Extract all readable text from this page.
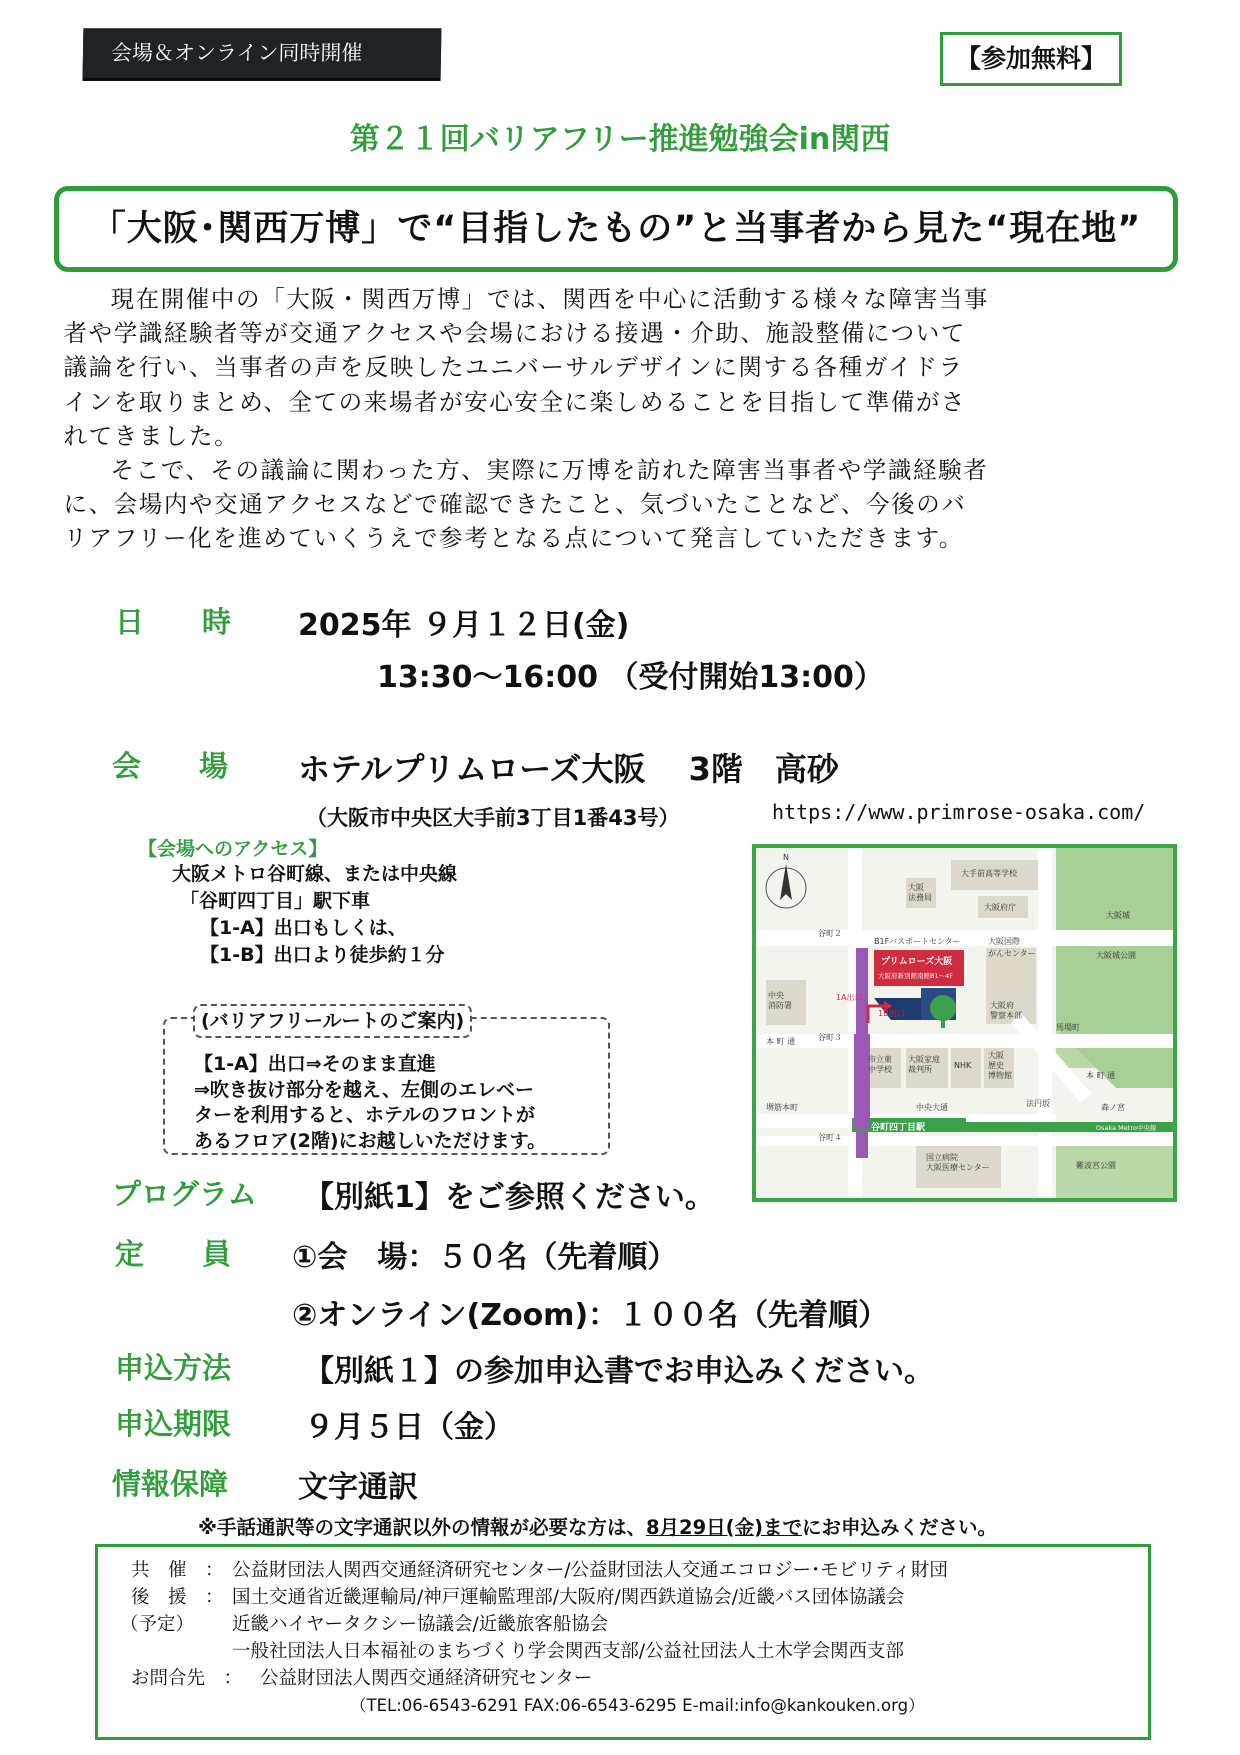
会場＆オンライン同時開催	【参加無料】
第２１回バリアフリー推進勉強会in関西
「大阪･関西万博」で“目指したもの”と当事者から見た“現在地”

現在開催中の「大阪・関西万博」では、関西を中心に活動する様々な障害当事
者や学識経験者等が交通アクセスや会場における接遇・介助、施設整備について
議論を行い、当事者の声を反映したユニバーサルデザインに関する各種ガイドラ
インを取りまとめ、全ての来場者が安心安全に楽しめることを目指して準備がさ
れてきました。

そこで、その議論に関わった方、実際に万博を訪れた障害当事者や学識経験者
に、会場内や交通アクセスなどで確認できたこと、気づいたことなど、今後のバ
リアフリー化を進めていくうえで参考となる点について発言していただきます。

日　　時 2025年 ９月１２日(金)
13:30～16:00 （受付開始13:00）
会　　場 ホテルプリムローズ大阪　 3階　高砂
（大阪市中央区大手前3丁目1番43号）	https://www.primrose-osaka.com/
【会場へのアクセス】
大阪メトロ谷町線、または中央線
「谷町四丁目」駅下車
【1-A】出口もしくは、
【1-B】出口より徒歩約１分
(バリアフリールートのご案内)
【1-A】出口⇒そのまま直進
⇒吹き抜け部分を越え、左側のエレベー
ターを利用すると、ホテルのフロントが
あるフロア(2階)にお越しいただけます。
N
大手前高等学校
大阪
法務局
大阪府庁
大阪城
大阪城公園
B1Fバスポートセンター	大阪国際
がんセンター
プリムローズ大阪
大阪府新別館南館B1～4F
大阪府
警察本部
中央
消防署
1A出口
1B出口
馬場町
本 町 通
本 町 通
市立東
中学校
大阪家庭
裁判所	NHK
大阪
歴史
博物館
中央大通
堺筋本町	法円坂	森ノ宮
谷町四丁目駅	Osaka Metro中央線
国立病院
大阪医療センター	難波宮公園
谷町２
谷町３
谷町４
プログラム 【別紙1】をご参照ください。
定　　員 ①会　場：５０名（先着順）
②オンライン(Zoom)：１００名（先着順）
申込方法 【別紙１】の参加申込書でお申込みください。
申込期限 ９月５日（金）
情報保障 文字通訳
※手話通訳等の文字通訳以外の情報が必要な方は、8月29日(金)までにお申込みください。
共　催　： 公益財団法人関西交通経済研究センター/公益財団法人交通エコロジー･モビリティ財団
後　援　： 国土交通省近畿運輸局/神戸運輸監理部/大阪府/関西鉄道協会/近畿バス団体協議会
（予定） 近畿ハイヤータクシー協議会/近畿旅客船協会
一般社団法人日本福祉のまちづくり学会関西支部/公益社団法人土木学会関西支部
お問合先　： 公益財団法人関西交通経済研究センター
（TEL:06-6543-6291 FAX:06-6543-6295 E-mail:info@kankouken.org）
